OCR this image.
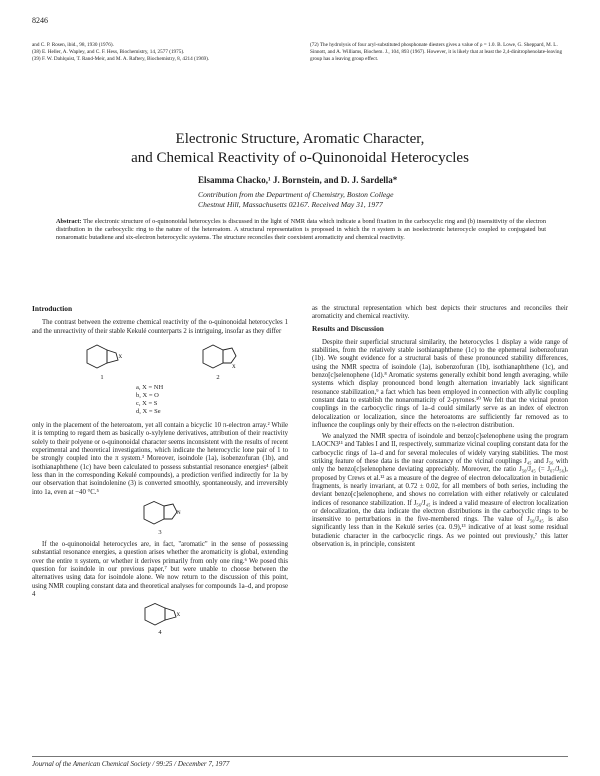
8246

and C. P. Rosen, ibid., 98, 1930 (1976).

(38) E. Heller, A. Wapley, and C. F. Hess, Biochemistry, 14, 2577 (1975).

(39) F. W. Dahlquist, T. Rand-Meir, and M. A. Raftery, Biochemistry, 8, 4214 (1969).

(72) The hydrolysis of four aryl-substituted phosphonate diesters gives a value of ρ = 1.0. B. Lowe, G. Sheppard, M. L. Sinnott, and A. Williams, Biochem. J., 104, 893 (1967). However, it is likely that at least the 2,4-dinitrophenolate-leaving group has a leaving group effect.

Electronic Structure, Aromatic Character,
and Chemical Reactivity of o-Quinonoidal Heterocycles
Elsamma Chacko,¹ J. Bornstein, and D. J. Sardella*

Contribution from the Department of Chemistry, Boston College

Chestnut Hill, Massachusetts 02167. Received May 31, 1977

Abstract: The electronic structure of o-quinonoidal heterocycles is discussed in the light of NMR data which indicate a bond fixation in the carbocyclic ring and (b) insensitivity of the electron distribution in the carbocyclic ring to the nature of the heteroatom. A structural representation is proposed in which the π system is an isoelectronic heterocycle coupled to conjugated but nonaromatic butadiene and six-electron heterocyclic systems. The structure reconciles their coexistent aromaticity and chemical reactivity.
Introduction

The contrast between the extreme chemical reactivity of the o-quinonoidal heterocycles 1 and the unreactivity of their stable Kekulé counterparts 2 is intriguing, insofar as they differ

X
1
X
2
a, X = NH
b, X = O
c, X = S
d, X = Se

only in the placement of the heteroatom, yet all contain a bicyclic 10 π-electron array.² While it is tempting to regard them as basically o-xylylene derivatives, attribution of their reactivity solely to their polyene or o-quinonoidal character seems inconsistent with the results of recent experimental and theoretical investigations, which indicate the heterocyclic lone pair of 1 to be strongly coupled into the π system.³ Moreover, isoindole (1a), isobenzofuran (1b), and isothianaphthene (1c) have been calculated to possess substantial resonance energies⁴ (albeit less than in the corresponding Kekulé compounds), a prediction verified indirectly for 1a by our observation that isoindolenine (3) is converted smoothly, spontaneously, and irreversibly into 1a, even at −40 °C.⁵

N
3

If the o-quinonoidal heterocycles are, in fact, "aromatic" in the sense of possessing substantial resonance energies, a question arises whether the aromaticity is global, extending over the entire π system, or whether it derives primarily from only one ring.⁶ We posed this question for isoindole in our previous paper,⁷ but were unable to choose between the alternatives using data for isoindole alone. We now return to the discussion of this point, using NMR coupling constant data and theoretical analyses for compounds 1a–d, and propose 4

X
4

as the structural representation which best depicts their structures and reconciles their aromaticity and chemical reactivity.

Results and Discussion

Despite their superficial structural similarity, the heterocycles 1 display a wide range of stabilities, from the relatively stable isothianaphthene (1c) to the ephemeral isobenzofuran (1b). We sought evidence for a structural basis of these pronounced stability differences, using the NMR spectra of isoindole (1a), isobenzofuran (1b), isothianaphthene (1c), and benzo[c]selenophene (1d).⁸ Aromatic systems generally exhibit bond length averaging, while systems which display pronounced bond length alternation invariably lack significant resonance stabilization,⁹ a fact which has been employed in connection with allylic coupling constant data to establish the nonaromaticity of 2-pyrones.¹⁰ We felt that the vicinal proton couplings in the carbocyclic rings of 1a–d could similarly serve as an index of electron delocalization or localization, since the heteroatoms are sufficiently far removed as to influence the couplings only by their effects on the π-electron distribution.

We analyzed the NMR spectra of isoindole and benzo[c]selenophene using the program LAOCN3¹¹ and Tables I and II, respectively, summarize vicinal coupling constant data for the carbocyclic rings of 1a–d and for several molecules of widely varying stabilities. The most striking feature of these data is the near constancy of the vicinal couplings J₄₅ and J₅₆ with only the benzo[c]selenophene deviating appreciably. Moreover, the ratio J₅₆/J₄₅ (= J₆₇/J₅₆), proposed by Crews et al.¹² as a measure of the degree of electron delocalization in butadienic fragments, is nearly invariant, at 0.72 ± 0.02, for all members of both series, including the deviant benzo[c]selenophene, and shows no correlation with either relatively or calculated indices of resonance stabilization. If J₅₆/J₄₅ is indeed a valid measure of electron localization or delocalization, the data indicate the electron distributions in the carbocyclic rings to be insensitive to perturbations in the five-membered rings. The value of J₅₆/J₄₅ is also significantly less than in the Kekulé series (ca. 0.9),¹³ indicative of at least some residual butadienic character in the carbocyclic rings. As we pointed out previously,⁷ this latter observation is, in principle, consistent

Journal of the American Chemical Society / 99:25 / December 7, 1977
